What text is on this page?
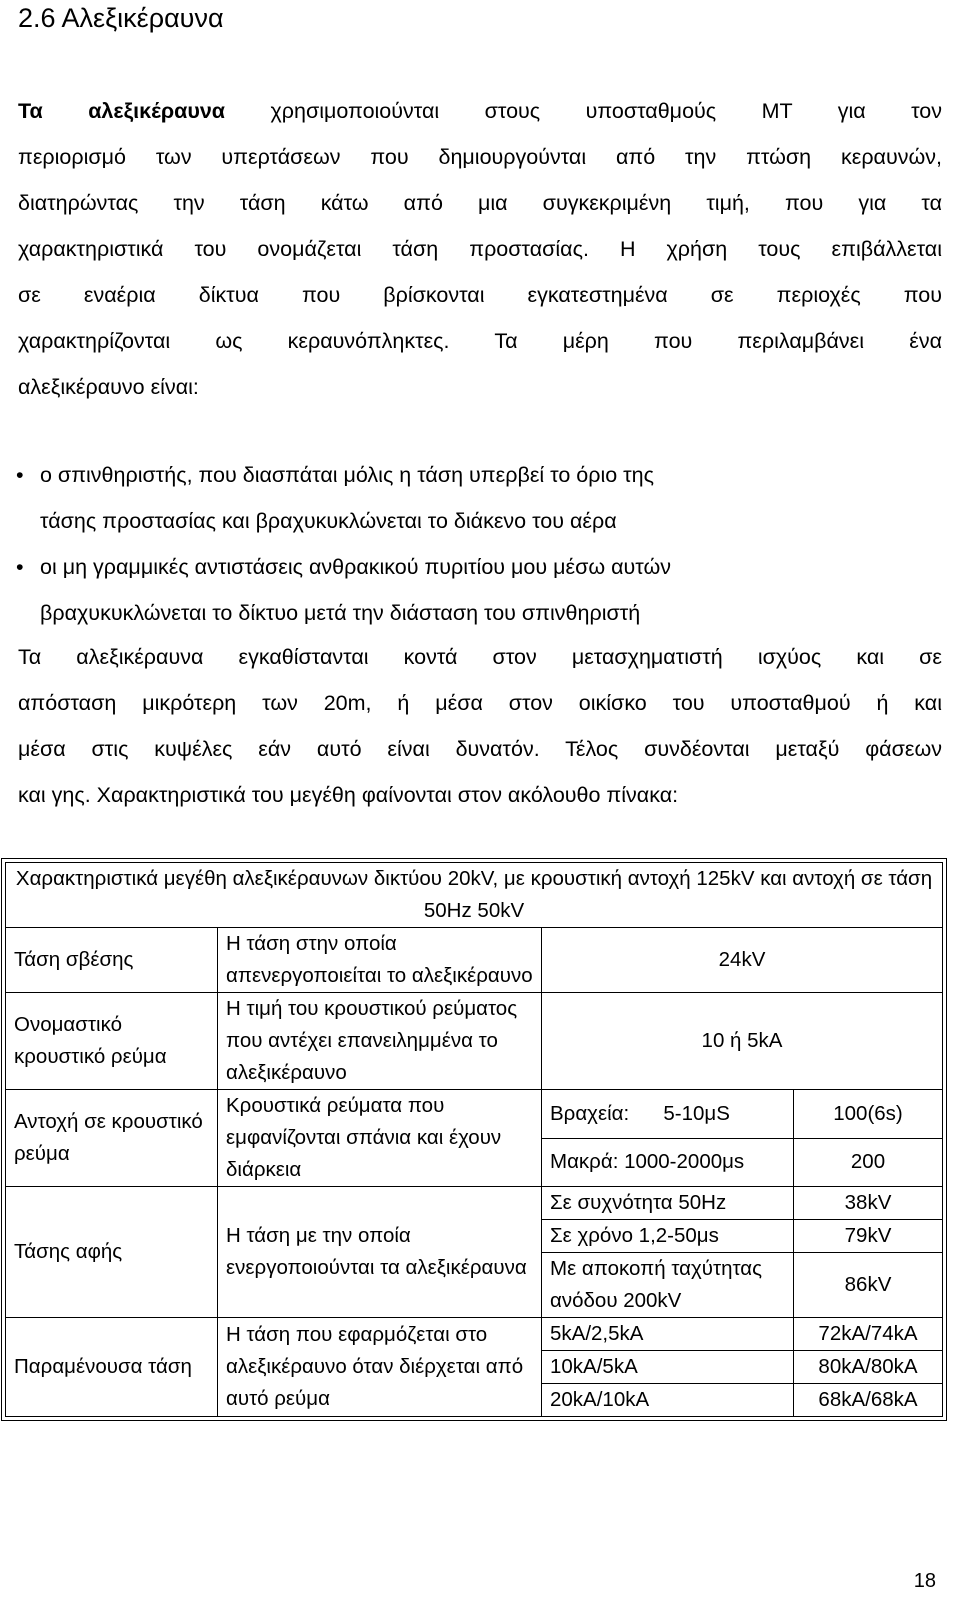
2.6 Αλεξικέραυνα
Τα αλεξικέραυνα χρησιμοποιούνται στους υποσταθμούς ΜΤ για τον
περιορισμό των υπερτάσεων που δημιουργούνται από την πτώση κεραυνών,
διατηρώντας την τάση κάτω από μια συγκεκριμένη τιμή, που για τα
χαρακτηριστικά του ονομάζεται τάση προστασίας. Η χρήση τους επιβάλλεται
σε εναέρια δίκτυα που βρίσκονται εγκατεστημένα σε περιοχές που
χαρακτηρίζονται ως κεραυνόπληκτες. Τα μέρη που περιλαμβάνει ένα
αλεξικέραυνο είναι:
• ο σπινθηριστής, που διασπάται μόλις η τάση υπερβεί το όριο της
τάσης προστασίας και βραχυκυκλώνεται το διάκενο του αέρα
• οι μη γραμμικές αντιστάσεις ανθρακικού πυριτίου μου μέσω αυτών
βραχυκυκλώνεται το δίκτυο μετά την διάσταση του σπινθηριστή
Τα αλεξικέραυνα εγκαθίστανται κοντά στον μετασχηματιστή ισχύος και σε
απόσταση μικρότερη των 20m, ή μέσα στον οικίσκο του υποσταθμού ή και
μέσα στις κυψέλες εάν αυτό είναι δυνατόν. Τέλος συνδέονται μεταξύ φάσεων
και γης. Χαρακτηριστικά του μεγέθη φαίνονται στον ακόλουθο πίνακα:
Χαρακτηριστικά μεγέθη αλεξικέραυνων δικτύου 20kV, με κρουστική αντοχή 125kV και αντοχή σε τάση 50Hz 50kV			
Τάση σβέσης	Η τάση στην οποία απενεργοποιείται το αλεξικέραυνο	24kV	
Ονομαστικό κρουστικό ρεύμα	Η τιμή του κρουστικού ρεύματος που αντέχει επανειλημμένα το αλεξικέραυνο	10 ή 5kA	
Αντοχή σε κρουστικό ρεύμα	Κρουστικά ρεύματα που εμφανίζονται σπάνια και έχουν διάρκεια	Βραχεία:      5-10μS	100(6s)
		Μακρά: 1000-2000μs	200
Τάσης αφής	Η τάση με την οποία ενεργοποιούνται τα αλεξικέραυνα	Σε συχνότητα 50Hz	38kV
		Σε χρόνο 1,2-50μs	79kV
		Με αποκοπή ταχύτητας ανόδου 200kV	86kV
Παραμένουσα τάση	Η τάση που εφαρμόζεται στο αλεξικέραυνο όταν διέρχεται από αυτό ρεύμα	5kA/2,5kA	72kA/74kA
		10kA/5kA	80kA/80kA
		20kA/10kA	68kA/68kA
18
